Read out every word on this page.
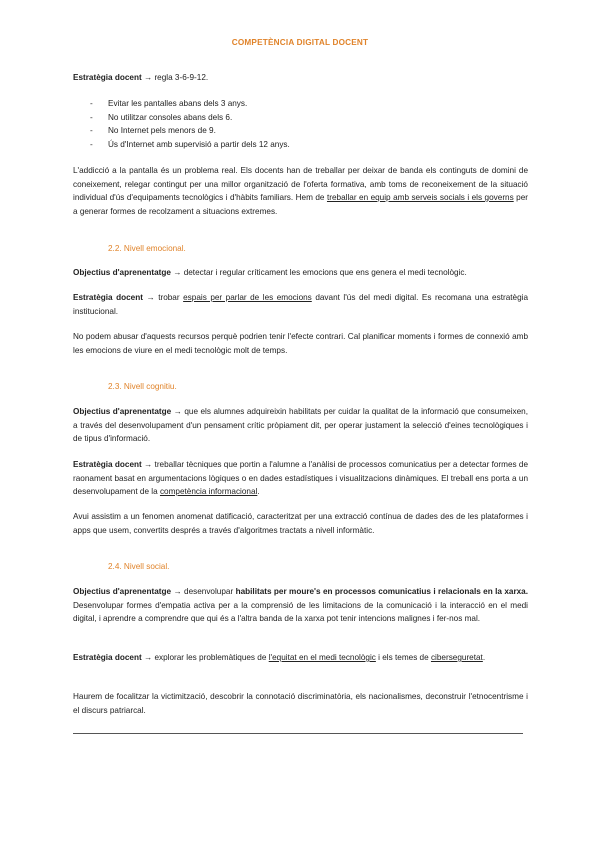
COMPETÈNCIA DIGITAL DOCENT
Estratègia docent → regla 3-6-9-12.
- Evitar les pantalles abans dels 3 anys.
- No utilitzar consoles abans dels 6.
- No Internet pels menors de 9.
- Ús d'Internet amb supervisió a partir dels 12 anys.
L'addicció a la pantalla és un problema real. Els docents han de treballar per deixar de banda els continguts de domini de coneixement, relegar contingut per una millor organització de l'oferta formativa, amb toms de reconeixement de la situació individual d'ús d'equipaments tecnològics i d'hàbits familiars. Hem de treballar en equip amb serveis socials i els governs per a generar formes de recolzament a situacions extremes.
2.2. Nivell emocional.
Objectius d'aprenentatge → detectar i regular críticament les emocions que ens genera el medi tecnològic.
Estratègia docent → trobar espais per parlar de les emocions davant l'ús del medi digital. Es recomana una estratègia institucional.
No podem abusar d'aquests recursos perquè podrien tenir l'efecte contrari. Cal planificar moments i formes de connexió amb les emocions de viure en el medi tecnològic molt de temps.
2.3. Nivell cognitiu.
Objectius d'aprenentatge → que els alumnes adquireixin habilitats per cuidar la qualitat de la informació que consumeixen, a través del desenvolupament d'un pensament crític pròpiament dit, per operar justament la selecció d'eines tecnològiques i de tipus d'informació.
Estratègia docent → treballar tècniques que portin a l'alumne a l'anàlisi de processos comunicatius per a detectar formes de raonament basat en argumentacions lògiques o en dades estadístiques i visualitzacions dinàmiques. El treball ens porta a un desenvolupament de la competència informacional.
Avui assistim a un fenomen anomenat datificació, caracteritzat per una extracció contínua de dades des de les plataformes i apps que usem, convertits després a través d'algoritmes tractats a nivell informàtic.
2.4. Nivell social.
Objectius d'aprenentatge → desenvolupar habilitats per moure's en processos comunicatius i relacionals en la xarxa. Desenvolupar formes d'empatia activa per a la comprensió de les limitacions de la comunicació i la interacció en el medi digital, i aprendre a comprendre que qui és a l'altra banda de la xarxa pot tenir intencions malignes i fer-nos mal.
Estratègia docent → explorar les problemàtiques de l'equitat en el medi tecnològic i els temes de ciberseguretat.
Haurem de focalitzar la victimització, descobrir la connotació discriminatòria, els nacionalismes, deconstruir l'etnocentrisme i el discurs patriarcal.
